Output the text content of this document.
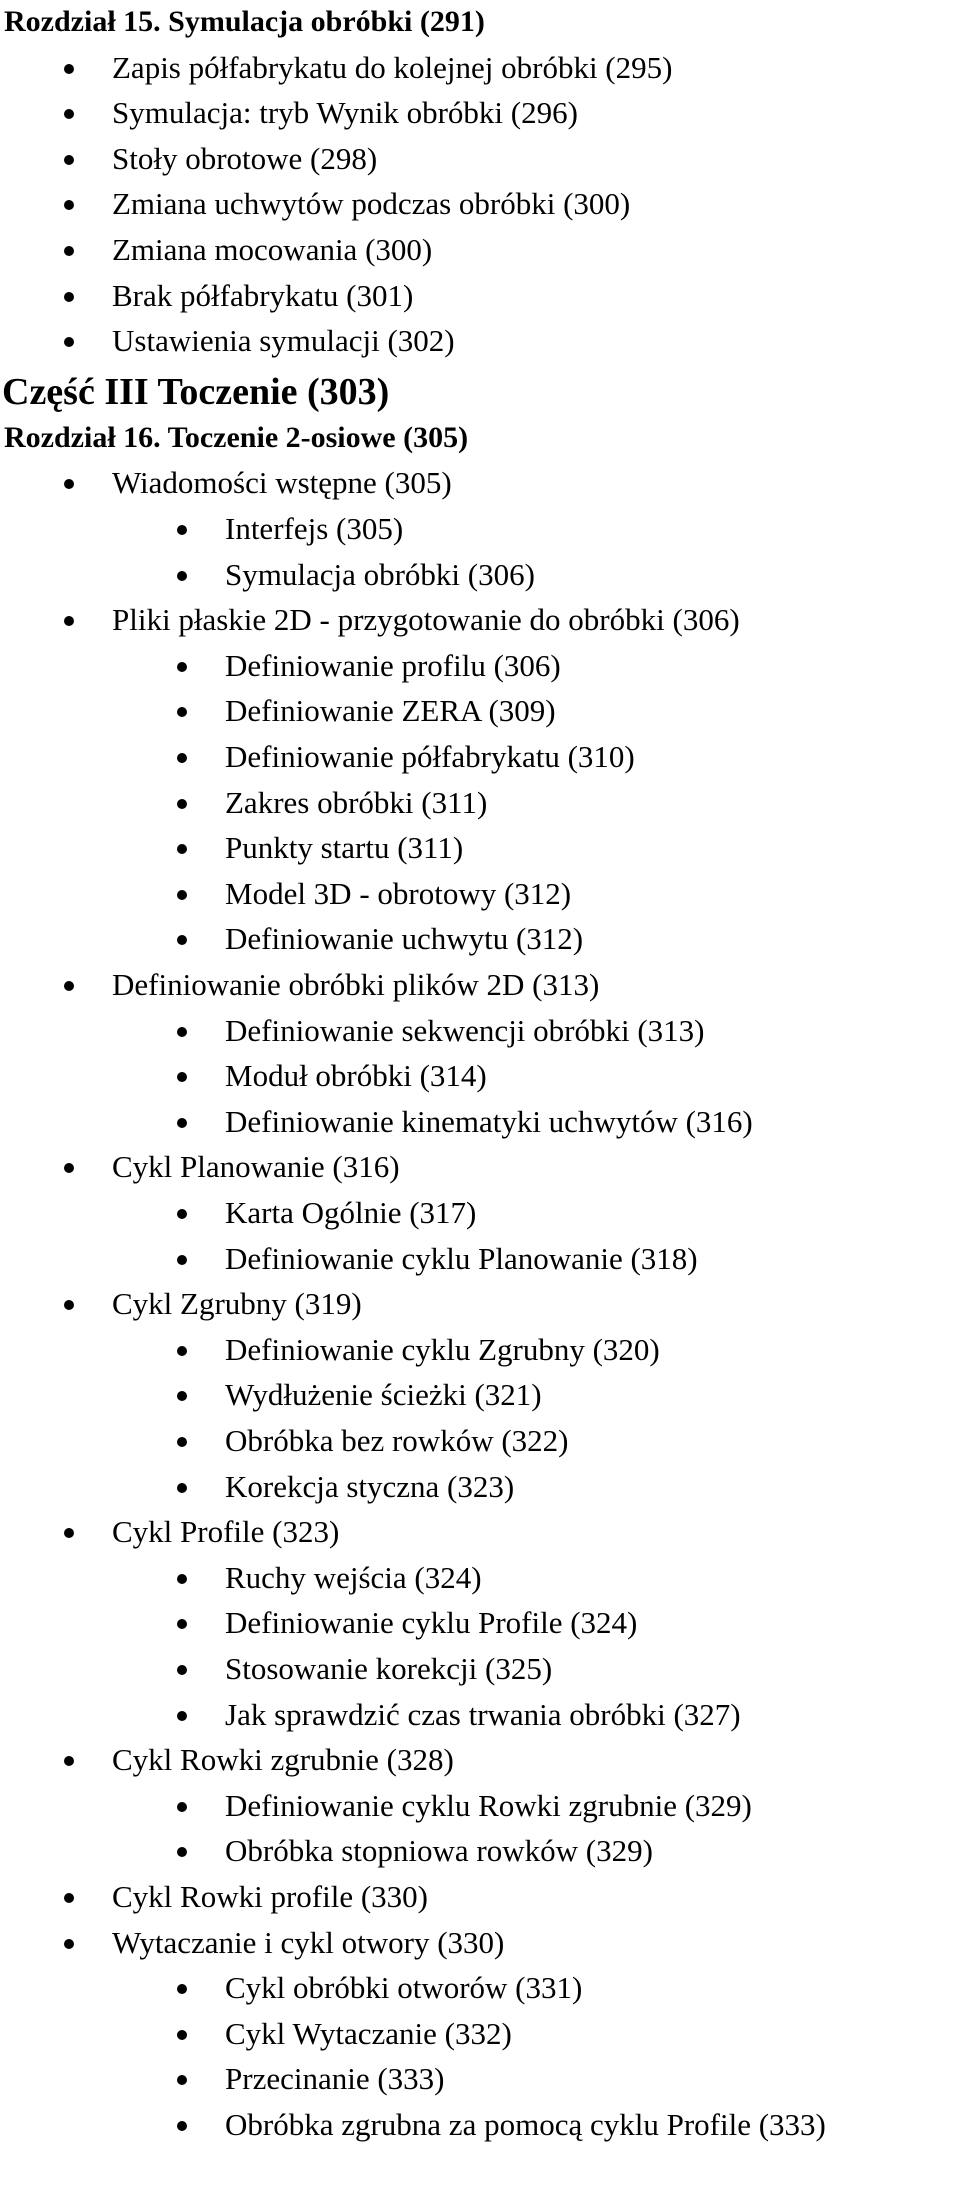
Rozdział 15. Symulacja obróbki (291)
Zapis półfabrykatu do kolejnej obróbki (295)
Symulacja: tryb Wynik obróbki (296)
Stoły obrotowe (298)
Zmiana uchwytów podczas obróbki (300)
Zmiana mocowania (300)
Brak półfabrykatu (301)
Ustawienia symulacji (302)
Część III Toczenie (303)
Rozdział 16. Toczenie 2-osiowe (305)
Wiadomości wstępne (305)
Interfejs (305)
Symulacja obróbki (306)
Pliki płaskie 2D - przygotowanie do obróbki (306)
Definiowanie profilu (306)
Definiowanie ZERA (309)
Definiowanie półfabrykatu (310)
Zakres obróbki (311)
Punkty startu (311)
Model 3D - obrotowy (312)
Definiowanie uchwytu (312)
Definiowanie obróbki plików 2D (313)
Definiowanie sekwencji obróbki (313)
Moduł obróbki (314)
Definiowanie kinematyki uchwytów (316)
Cykl Planowanie (316)
Karta Ogólnie (317)
Definiowanie cyklu Planowanie (318)
Cykl Zgrubny (319)
Definiowanie cyklu Zgrubny (320)
Wydłużenie ścieżki (321)
Obróbka bez rowków (322)
Korekcja styczna (323)
Cykl Profile (323)
Ruchy wejścia (324)
Definiowanie cyklu Profile (324)
Stosowanie korekcji (325)
Jak sprawdzić czas trwania obróbki (327)
Cykl Rowki zgrubnie (328)
Definiowanie cyklu Rowki zgrubnie (329)
Obróbka stopniowa rowków (329)
Cykl Rowki profile (330)
Wytaczanie i cykl otwory (330)
Cykl obróbki otworów (331)
Cykl Wytaczanie (332)
Przecinanie (333)
Obróbka zgrubna za pomocą cyklu Profile (333)
